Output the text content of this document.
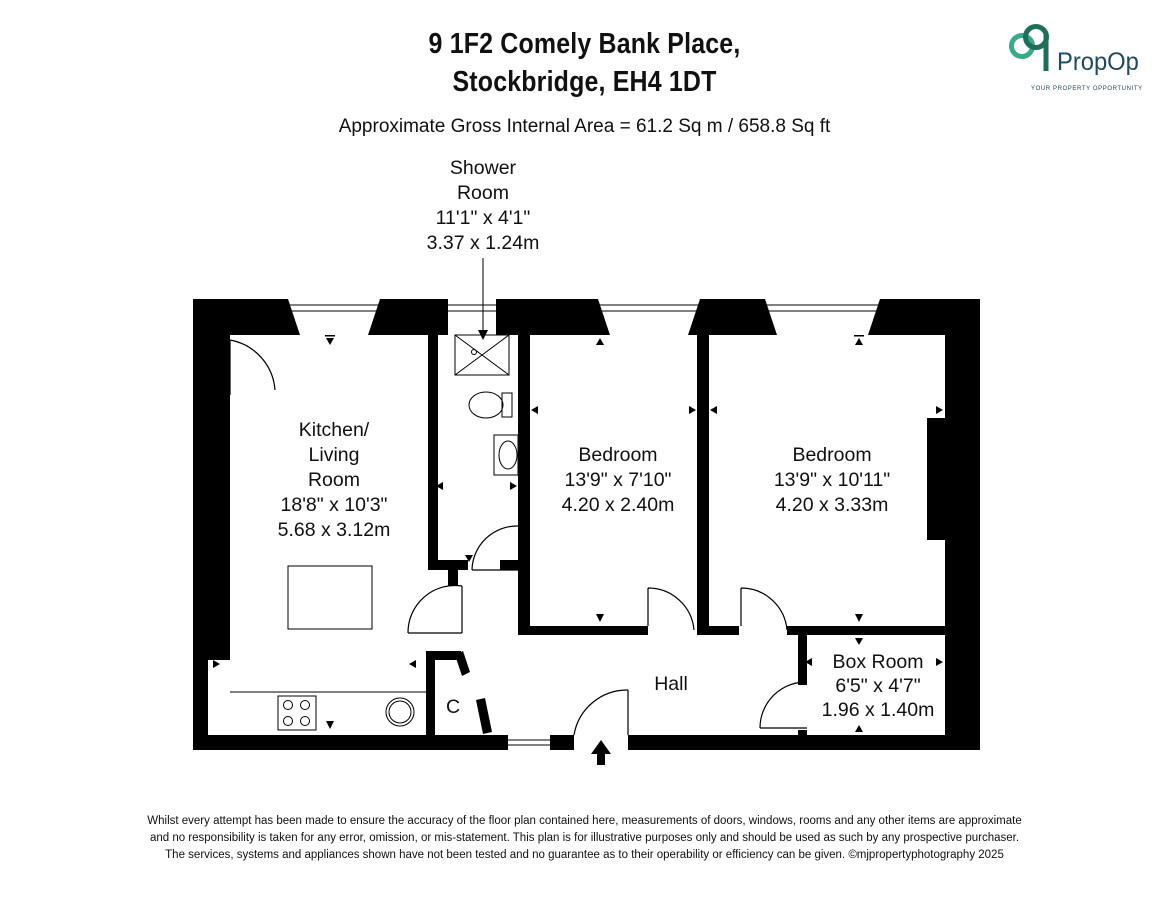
9 1F2 Comely Bank Place,
Stockbridge, EH4 1DT
Approximate Gross Internal Area = 61.2 Sq m / 658.8 Sq ft
PropOp
YOUR PROPERTY OPPORTUNITY
Shower
Room
11'1" x 4'1"
3.37 x 1.24m
Kitchen/
Living
Room
18'8" x 10'3"
5.68 x 3.12m
Bedroom
13'9" x 7'10"
4.20 x 2.40m
Bedroom
13'9" x 10'11"
4.20 x 3.33m
Box Room
6'5" x 4'7"
1.96 x 1.40m
Hall
C
Whilst every attempt has been made to ensure the accuracy of the floor plan contained here, measurements of doors, windows, rooms and any other items are approximate
and no responsibility is taken for any error, omission, or mis-statement. This plan is for illustrative purposes only and should be used as such by any prospective purchaser.
The services, systems and appliances shown have not been tested and no guarantee as to their operability or efficiency can be given. ©mjpropertyphotography 2025
